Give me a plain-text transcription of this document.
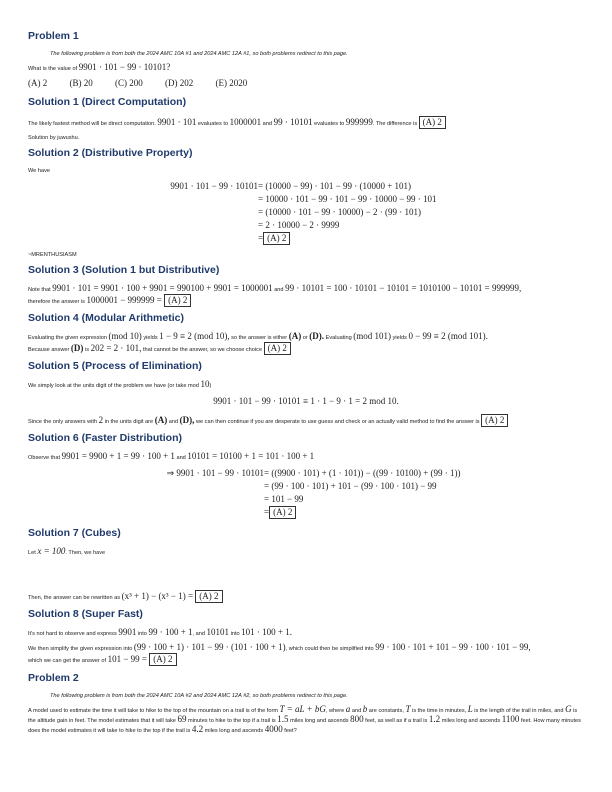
Problem 1

The following problem is from both the 2024 AMC 10A #1 and 2024 AMC 12A #1, so both problems redirect to this page.

What is the value of 9901 · 101 − 99 · 10101?

(A) 2 (B) 20 (C) 200 (D) 202 (E) 2020
Solution 1 (Direct Computation)

The likely fastest method will be direct computation. 9901 · 101 evaluates to 1000001 and 99 · 10101 evaluates to 999999. The difference is (A) 2

Solution by juwushu.

Solution 2 (Distributive Property)

We have

9901 · 101 − 99 · 10101 = (10000 − 99) · 101 − 99 · (10000 + 101)
= 10000 · 101 − 99 · 101 − 99 · 10000 − 99 · 101
= (10000 · 101 − 99 · 10000) − 2 · (99 · 101)
= 2 · 10000 − 2 · 9999
= (A) 2

~MRENTHUSIASM

Solution 3 (Solution 1 but Distributive)

Note that 9901 · 101 = 9901 · 100 + 9901 = 990100 + 9901 = 1000001 and 99 · 10101 = 100 · 10101 − 10101 = 1010100 − 10101 = 999999,
therefore the answer is 1000001 − 999999 = (A) 2

Solution 4 (Modular Arithmetic)

Evaluating the given expression (mod 10) yields 1 − 9 ≡ 2 (mod 10), so the answer is either (A) or (D). Evaluating (mod 101) yields 0 − 99 ≡ 2 (mod 101).
Because answer (D) is 202 = 2 · 101, that cannot be the answer, so we choose choice (A) 2

Solution 5 (Process of Elimination)

We simply look at the units digit of the problem we have (or take mod 10)

9901 · 101 − 99 · 10101 ≡ 1 · 1 − 9 · 1 = 2 mod 10.

Since the only answers with 2 in the units digit are (A) and (D), we can then continue if you are desperate to use guess and check or an actually valid method to find the answer is (A) 2

Solution 6 (Faster Distribution)

Observe that 9901 = 9900 + 1 = 99 · 100 + 1 and 10101 = 10100 + 1 = 101 · 100 + 1

⇒ 9901 · 101 − 99 · 10101 = ((9900 · 101) + (1 · 101)) − ((99 · 10100) + (99 · 1))
= (99 · 100 · 101) + 101 − (99 · 100 · 101) − 99
= 101 − 99
= (A) 2
Solution 7 (Cubes)

Let x = 100. Then, we have

Then, the answer can be rewritten as (x³ + 1) − (x³ − 1) = (A) 2

Solution 8 (Super Fast)

It's not hard to observe and express 9901 into 99 · 100 + 1, and 10101 into 101 · 100 + 1.

We then simplify the given expression into (99 · 100 + 1) · 101 − 99 · (101 · 100 + 1), which could then be simplified into 99 · 100 · 101 + 101 − 99 · 100 · 101 − 99,
which we can get the answer of 101 − 99 = (A) 2

Problem 2

The following problem is from both the 2024 AMC 10A #2 and 2024 AMC 12A #2, so both problems redirect to this page.

A model used to estimate the time it will take to hike to the top of the mountain on a trail is of the form T = aL + bG, where a and b are constants, T is the time in minutes, L is the length of the trail in miles, and G is the altitude gain in feet. The model estimates that it will take 69 minutes to hike to the top if a trail is 1.5 miles long and ascends 800 feet, as well as if a trail is 1.2 miles long and ascends 1100 feet. How many minutes does the model estimates it will take to hike to the top if the trail is 4.2 miles long and ascends 4000 feet?
